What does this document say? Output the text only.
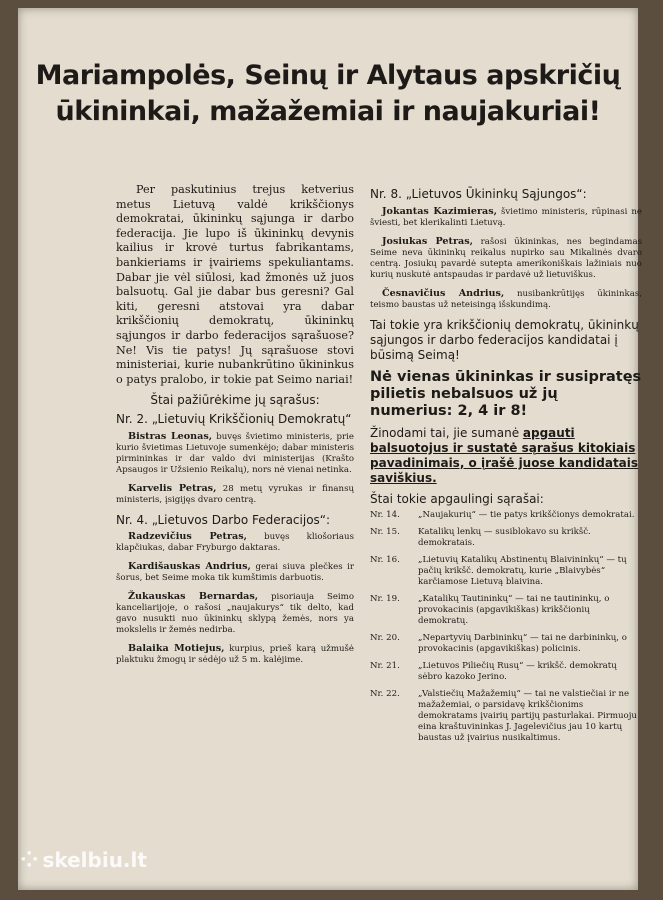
Mariampolės, Seinų ir Alytaus apskričių
ūkininkai, mažažemiai ir naujakuriai!

Per paskutinius trejus ketverius metus Lietuvą valdė krikščionys demokratai, ūkininkų sąjunga ir darbo federacija. Jie lupo iš ūkininkų devynis kailius ir krovė turtus fabrikantams, bankieriams ir įvairiems spekuliantams. Dabar jie vėl siūlosi, kad žmonės už juos balsuotų. Gal jie dabar bus geresni? Gal kiti, geresni atstovai yra dabar krikščionių demokratų, ūkininkų sąjungos ir darbo federacijos sąrašuose? Ne! Vis tie patys! Jų sąrašuose stovi ministeriai, kurie nubankrūtino ūkininkus o patys pralobo, ir tokie pat Seimo nariai!

Štai pažiūrėkime jų sąrašus:
Nr. 2. „Lietuvių Krikščionių Demokratų“

Bistras Leonas, buvęs švietimo ministeris, prie kurio švietimas Lietuvoje sumenkėjo; dabar ministeris pirmininkas ir dar valdo dvi ministerijas (Krašto Apsaugos ir Užsienio Reikalų), nors nė vienai netinka.

Karvelis Petras, 28 metų vyrukas ir finansų ministeris, įsigijęs dvaro centrą.

Nr. 4. „Lietuvos Darbo Federacijos“:

Radzevičius Petras, buvęs kliošoriaus klapčiukas, dabar Fryburgo daktaras.

Kardišauskas Andrius, gerai siuva plečkes ir šorus, bet Seime moka tik kumštimis darbuotis.

Žukauskas Bernardas, pisoriauja Seimo kanceliarijoje, o rašosi „naujakurys“ tik delto, kad gavo nusukti nuo ūkininkų sklypą žemės, nors ya mokslelis ir žemės nedirba.

Balaika Motiejus, kurpius, prieš karą užmušė plaktuku žmogų ir sėdėjo už 5 m. kalėjime.

Nr. 8. „Lietuvos Ūkininkų Sąjungos“:

Jokantas Kazimieras, švietimo ministeris, rūpinasi ne šviesti, bet klerikalinti Lietuvą.

Josiukas Petras, rašosi ūkininkas, nes begindamas Seime neva ūkininkų reikalus nupirko sau Mikalinės dvaro centrą. Josiukų pavardė sutepta amerikoniškais lažiniais nuo kurių nuskutė antspaudas ir pardavė už lietuviškus.

Česnavičius Andrius, nusibankrūtijęs ūkininkas, teismo baustas už neteisingą išskundimą.

Tai tokie yra krikščionių demokratų, ūkininkų sąjungos ir darbo federacijos kandidatai į būsimą Seimą!
Nė vienas ūkininkas ir susipratęs pilietis nebalsuos už jų numerius: 2, 4 ir 8!
Žinodami tai, jie sumanė apgauti balsuotojus ir sustatė sąrašus kitokiais pavadinimais, o įrašė juose kandidatais saviškius.
Štai tokie apgaulingi sąrašai:
Nr. 14.	„Naujakurių“ — tie patys krikščionys demokratai.
Nr. 15.	Katalikų lenkų — susiblokavo su krikšč. demokratais.
Nr. 16.	„Lietuvių Katalikų Abstinentų Blaivininkų“ — tų pačių krikšč. demokratų, kurie „Blaivybės“ karčiamose Lietuvą blaivina.
Nr. 19.	„Katalikų Tautininkų“ — tai ne tautininkų, o provokacinis (apgavikiškas) krikščionių demokratų.
Nr. 20.	„Nepartyvių Darbininkų“ — tai ne darbininkų, o provokacinis (apgavikiškas) policinis.
Nr. 21.	„Lietuvos Piliečių Rusų“ — krikšč. demokratų sėbro kazoko Jerino.
Nr. 22.	„Valstiečių Mažažemių“ — tai ne valstiečiai ir ne mažažemiai, o parsidavę krikščionims demokratams įvairių partijų pasturlakai. Pirmuoju eina kraštuvininkas J. Jagelevičius jau 10 kartų baustas už įvairius nusikaltimus.
⁘ skelbiu.lt
